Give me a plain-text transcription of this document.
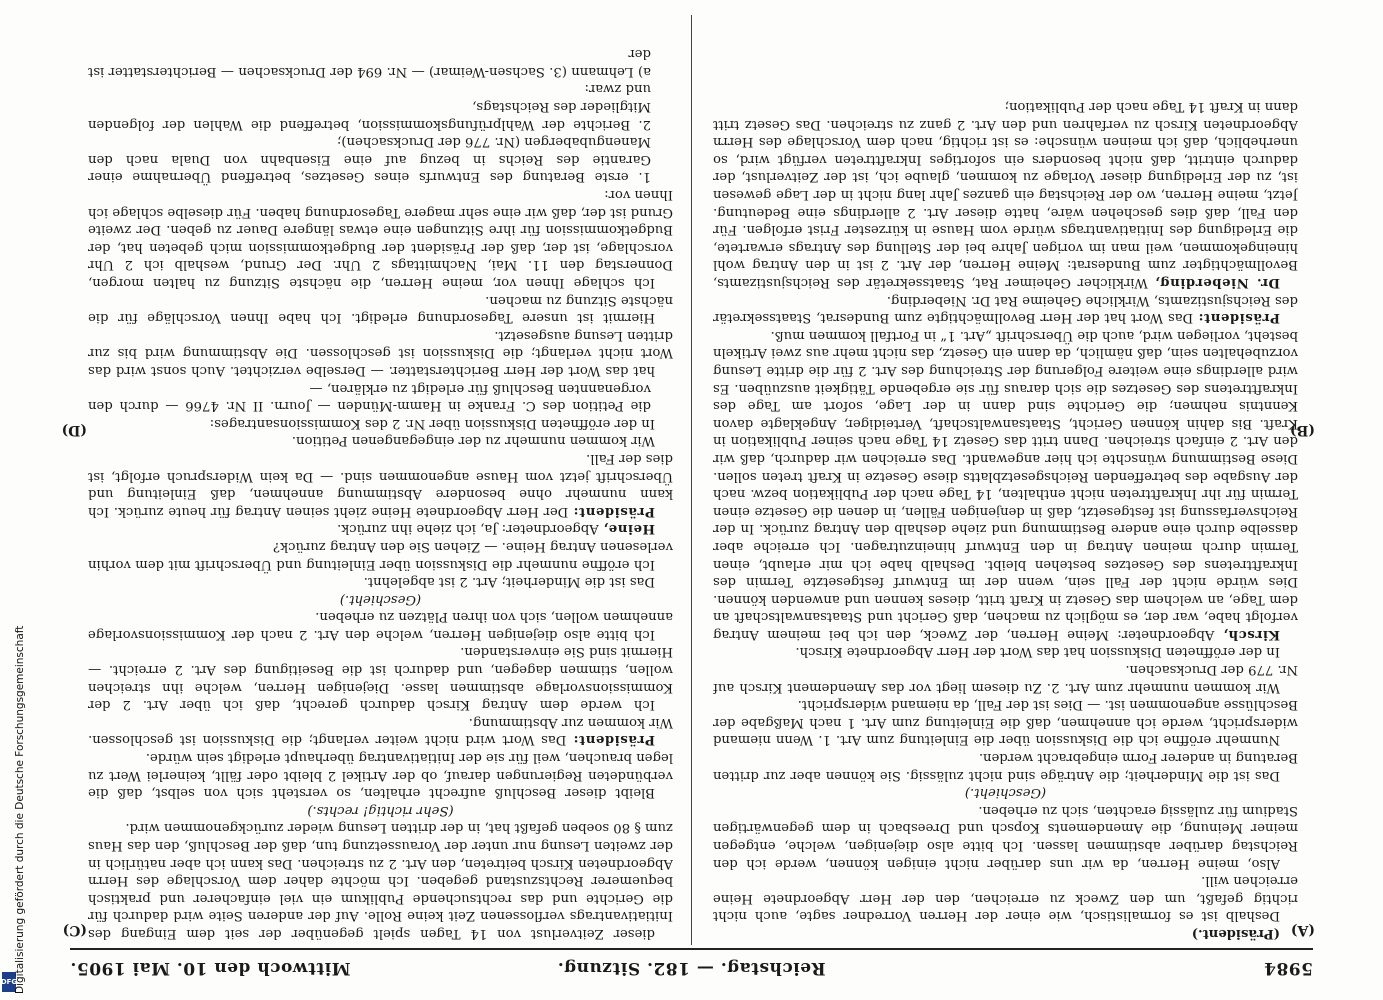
5984
Reichstag. — 182. Sitzung.
Mittwoch den 10. Mai 1905.
(A)
(B)
(C)
(D)

(Präsident.)

Deshalb ist es formalistisch, wie einer der Herren Vorredner sagte, auch nicht richtig gefaßt, um den Zweck zu erreichen, den der Herr Abgeordnete Heine erreichen will.

Also, meine Herren, da wir uns darüber nicht einigen können, werde ich den Reichstag darüber abstimmen lassen. Ich bitte also diejenigen, welche, entgegen meiner Meinung, die Amendements Kopsch und Dreesbach in dem gegenwärtigen Stadium für zulässig erachten, sich zu erheben.

(Geschieht.)

Das ist die Minderheit; die Anträge sind nicht zulässig. Sie können aber zur dritten Beratung in anderer Form eingebracht werden.

Nunmehr eröffne ich die Diskussion über die Einleitung zum Art. 1. Wenn niemand widerspricht, werde ich annehmen, daß die Einleitung zum Art. 1 nach Maßgabe der Beschlüsse angenommen ist. — Dies ist der Fall, da niemand widerspricht.

Wir kommen nunmehr zum Art. 2. Zu diesem liegt vor das Amendement Kirsch auf Nr. 779 der Drucksachen.

In der eröffneten Diskussion hat das Wort der Herr Abgeordnete Kirsch.

Kirsch, Abgeordneter: Meine Herren, der Zweck, den ich bei meinem Antrag verfolgt habe, war der, es möglich zu machen, daß Gericht und Staatsanwaltschaft an dem Tage, an welchem das Gesetz in Kraft tritt, dieses kennen und anwenden können. Dies würde nicht der Fall sein, wenn der im Entwurf festgesetzte Termin des Inkrafttretens des Gesetzes bestehen bleibt. Deshalb habe ich mir erlaubt, einen Termin durch meinen Antrag in den Entwurf hineinzutragen. Ich erreiche aber dasselbe durch eine andere Bestimmung und ziehe deshalb den Antrag zurück. In der Reichsverfassung ist festgesetzt, daß in denjenigen Fällen, in denen die Gesetze einen Termin für ihr Inkrafttreten nicht enthalten, 14 Tage nach der Publikation bezw. nach der Ausgabe des betreffenden Reichsgesetzblatts diese Gesetze in Kraft treten sollen. Diese Bestimmung wünschte ich hier angewandt. Das erreichen wir dadurch, daß wir den Art. 2 einfach streichen. Dann tritt das Gesetz 14 Tage nach seiner Publikation in Kraft. Bis dahin können Gericht, Staatsanwaltschaft, Verteidiger, Angeklagte davon Kenntnis nehmen; die Gerichte sind dann in der Lage, sofort am Tage des Inkrafttretens des Gesetzes die sich daraus für sie ergebende Tätigkeit auszuüben. Es wird allerdings eine weitere Folgerung der Streichung des Art. 2 für die dritte Lesung vorzubehalten sein, daß nämlich, da dann ein Gesetz, das nicht mehr aus zwei Artikeln besteht, vorliegen wird, auch die Überschrift „Art. 1“ in Fortfall kommen muß.

Präsident: Das Wort hat der Herr Bevollmächtigte zum Bundesrat, Staatssekretär des Reichsjustizamts, Wirkliche Geheime Rat Dr. Nieberding.

Dr. Nieberding, Wirklicher Geheimer Rat, Staatssekretär des Reichsjustizamts, Bevollmächtigter zum Bundesrat: Meine Herren, der Art. 2 ist in den Antrag wohl hineingekommen, weil man im vorigen Jahre bei der Stellung des Antrags erwartete, die Erledigung des Initiativantrags würde vom Hause in kürzester Frist erfolgen. Für den Fall, daß dies geschehen wäre, hatte dieser Art. 2 allerdings eine Bedeutung. Jetzt, meine Herren, wo der Reichstag ein ganzes Jahr lang nicht in der Lage gewesen ist, zu der Erledigung dieser Vorlage zu kommen, glaube ich, ist der Zeitverlust, der dadurch eintritt, daß nicht besonders ein sofortiges Inkrafttreten verfügt wird, so unerheblich, daß ich meinen wünsche: es ist richtig, nach dem Vorschlage des Herrn Abgeordneten Kirsch zu verfahren und den Art. 2 ganz zu streichen. Das Gesetz tritt dann in Kraft 14 Tage nach der Publikation;

dieser Zeitverlust von 14 Tagen spielt gegenüber der seit dem Eingang des Initiativantrags verflossenen Zeit keine Rolle. Auf der anderen Seite wird dadurch für die Gerichte und das rechtsuchende Publikum ein viel einfacherer und praktisch bequemerer Rechtszustand gegeben. Ich möchte daher dem Vorschlage des Herrn Abgeordneten Kirsch beitreten, den Art. 2 zu streichen. Das kann ich aber natürlich in der zweiten Lesung nur unter der Voraussetzung tun, daß der Beschluß, den das Haus zum § 80 soeben gefaßt hat, in der dritten Lesung wieder zurückgenommen wird.

(Sehr richtig! rechts.)

Bleibt dieser Beschluß aufrecht erhalten, so versteht sich von selbst, daß die verbündeten Regierungen darauf, ob der Artikel 2 bleibt oder fällt, keinerlei Wert zu legen brauchen, weil für sie der Initiativantrag überhaupt erledigt sein würde.

Präsident: Das Wort wird nicht weiter verlangt; die Diskussion ist geschlossen. Wir kommen zur Abstimmung.

Ich werde dem Antrag Kirsch dadurch gerecht, daß ich über Art. 2 der Kommissionsvorlage abstimmen lasse. Diejenigen Herren, welche ihn streichen wollen, stimmen dagegen, und dadurch ist die Beseitigung des Art. 2 erreicht. — Hiermit sind Sie einverstanden.

Ich bitte also diejenigen Herren, welche den Art. 2 nach der Kommissionsvorlage annehmen wollen, sich von ihren Plätzen zu erheben.

(Geschieht.)

Das ist die Minderheit; Art. 2 ist abgelehnt.

Ich eröffne nunmehr die Diskussion über Einleitung und Überschrift mit dem vorhin verlesenen Antrag Heine. — Ziehen Sie den Antrag zurück?

Heine, Abgeordneter: Ja, ich ziehe ihn zurück.

Präsident: Der Herr Abgeordnete Heine zieht seinen Antrag für heute zurück. Ich kann nunmehr ohne besondere Abstimmung annehmen, daß Einleitung und Überschrift jetzt vom Hause angenommen sind. — Da kein Widerspruch erfolgt, ist dies der Fall.

Wir kommen nunmehr zu der eingegangenen Petition.

In der eröffneten Diskussion über Nr. 2 des Kommissionsantrages:

die Petition des C. Franke in Hamm-Münden — Journ. II Nr. 4766 — durch den vorgenannten Beschluß für erledigt zu erklären, —

hat das Wort der Herr Berichterstatter. — Derselbe verzichtet. Auch sonst wird das Wort nicht verlangt; die Diskussion ist geschlossen. Die Abstimmung wird bis zur dritten Lesung ausgesetzt.

Hiermit ist unsere Tagesordnung erledigt. Ich habe Ihnen Vorschläge für die nächste Sitzung zu machen.

Ich schlage Ihnen vor, meine Herren, die nächste Sitzung zu halten morgen, Donnerstag den 11. Mai, Nachmittags 2 Uhr. Der Grund, weshalb ich 2 Uhr vorschlage, ist der, daß der Präsident der Budgetkommission mich gebeten hat, der Budgetkommission für ihre Sitzungen eine etwas längere Dauer zu geben. Der zweite Grund ist der, daß wir eine sehr magere Tagesordnung haben. Für dieselbe schlage ich Ihnen vor:

1. erste Beratung des Entwurfs eines Gesetzes, betreffend Übernahme einer Garantie des Reichs in bezug auf eine Eisenbahn von Duala nach den Manengubabergen (Nr. 776 der Drucksachen);

2. Berichte der Wahlprüfungskommission, betreffend die Wahlen der folgenden Mitglieder des Reichstags,

und zwar:

a) Lehmann (3. Sachsen-Weimar) — Nr. 694 der Drucksachen — Berichterstatter ist der

DFG
Digitalisierung gefördert durch die Deutsche Forschungsgemeinschaft
